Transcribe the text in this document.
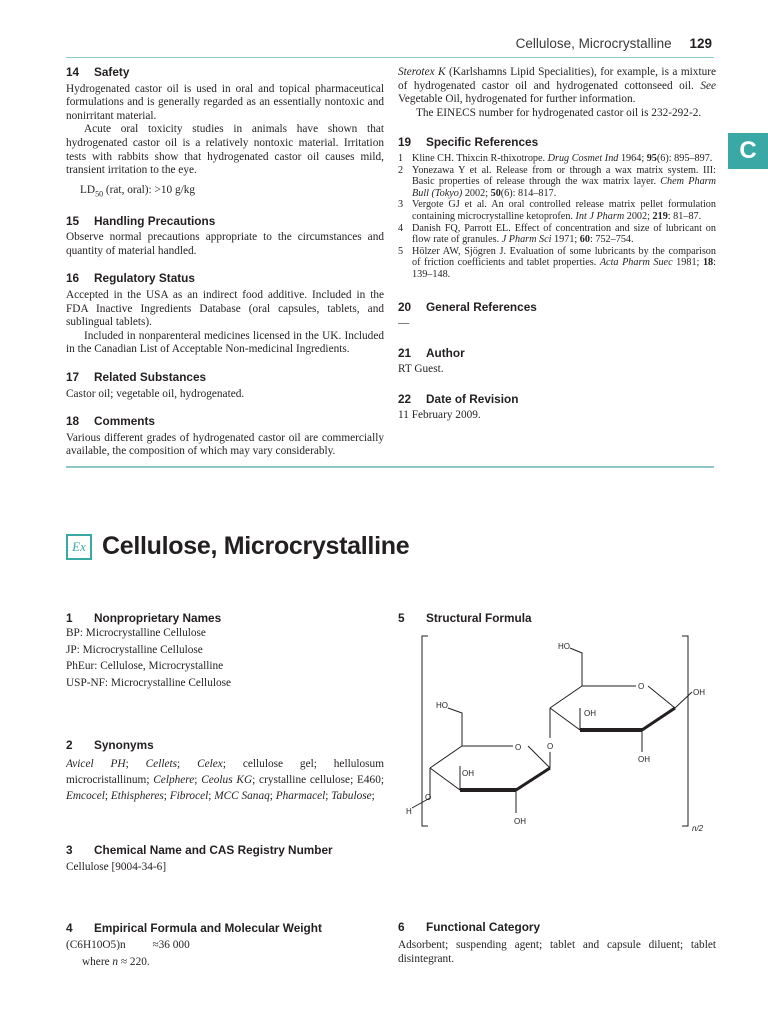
Cellulose, Microcrystalline 129
C
14 Safety

Hydrogenated castor oil is used in oral and topical pharmaceutical formulations and is generally regarded as an essentially nontoxic and nonirritant material.

Acute oral toxicity studies in animals have shown that hydrogenated castor oil is a relatively nontoxic material. Irritation tests with rabbits show that hydrogenated castor oil causes mild, transient irritation to the eye.

$LD_{50}$ (rat, oral): >10 g/kg

15 Handling Precautions

Observe normal precautions appropriate to the circumstances and quantity of material handled.

16 Regulatory Status

Accepted in the USA as an indirect food additive. Included in the FDA Inactive Ingredients Database (oral capsules, tablets, and sublingual tablets).

Included in nonparenteral medicines licensed in the UK. Included in the Canadian List of Acceptable Non-medicinal Ingredients.

17 Related Substances

Castor oil; vegetable oil, hydrogenated.

18 Comments

Various different grades of hydrogenated castor oil are commercially available, the composition of which may vary considerably.

Sterotex K (Karlshamns Lipid Specialities), for example, is a mixture of hydrogenated castor oil and hydrogenated cottonseed oil. See Vegetable Oil, hydrogenated for further information.

The EINECS number for hydrogenated castor oil is 232-292-2.

19 Specific References
1 Kline CH. Thixcin R-thixotrope. Drug Cosmet Ind 1964; 95(6): 895–897.
2 Yonezawa Y et al. Release from or through a wax matrix system. III: Basic properties of release through the wax matrix layer. Chem Pharm Bull (Tokyo) 2002; 50(6): 814–817.
3 Vergote GJ et al. An oral controlled release matrix pellet formulation containing microcrystalline ketoprofen. Int J Pharm 2002; 219: 81–87.
4 Danish FQ, Parrott EL. Effect of concentration and size of lubricant on flow rate of granules. J Pharm Sci 1971; 60: 752–754.
5 Hölzer AW, Sjögren J. Evaluation of some lubricants by the comparison of friction coefficients and tablet properties. Acta Pharm Suec 1981; 18: 139–148.
20 General References

—

21 Author

RT Guest.

22 Date of Revision

11 February 2009.

Ex Cellulose, Microcrystalline
1 Nonproprietary Names
BP: Microcrystalline Cellulose
JP: Microcrystalline Cellulose
PhEur: Cellulose, Microcrystalline
USP-NF: Microcrystalline Cellulose
2 Synonyms

Avicel PH; Cellets; Celex; cellulose gel; hellulosum microcristallinum; Celphere; Ceolus KG; crystalline cellulose; E460; Emcocel; Ethispheres; Fibrocel; MCC Sanaq; Pharmacel; Tabulose;

3 Chemical Name and CAS Registry Number
Cellulose [9004-34-6]
4 Empirical Formula and Molecular Weight
(C6H10O5)n ≈36 000
where n ≈ 220.
5 Structural Formula
HO
HO
O
O
O
O
H
OH
OH
OH
OH
OH
n/2
6 Functional Category

Adsorbent; suspending agent; tablet and capsule diluent; tablet disintegrant.
